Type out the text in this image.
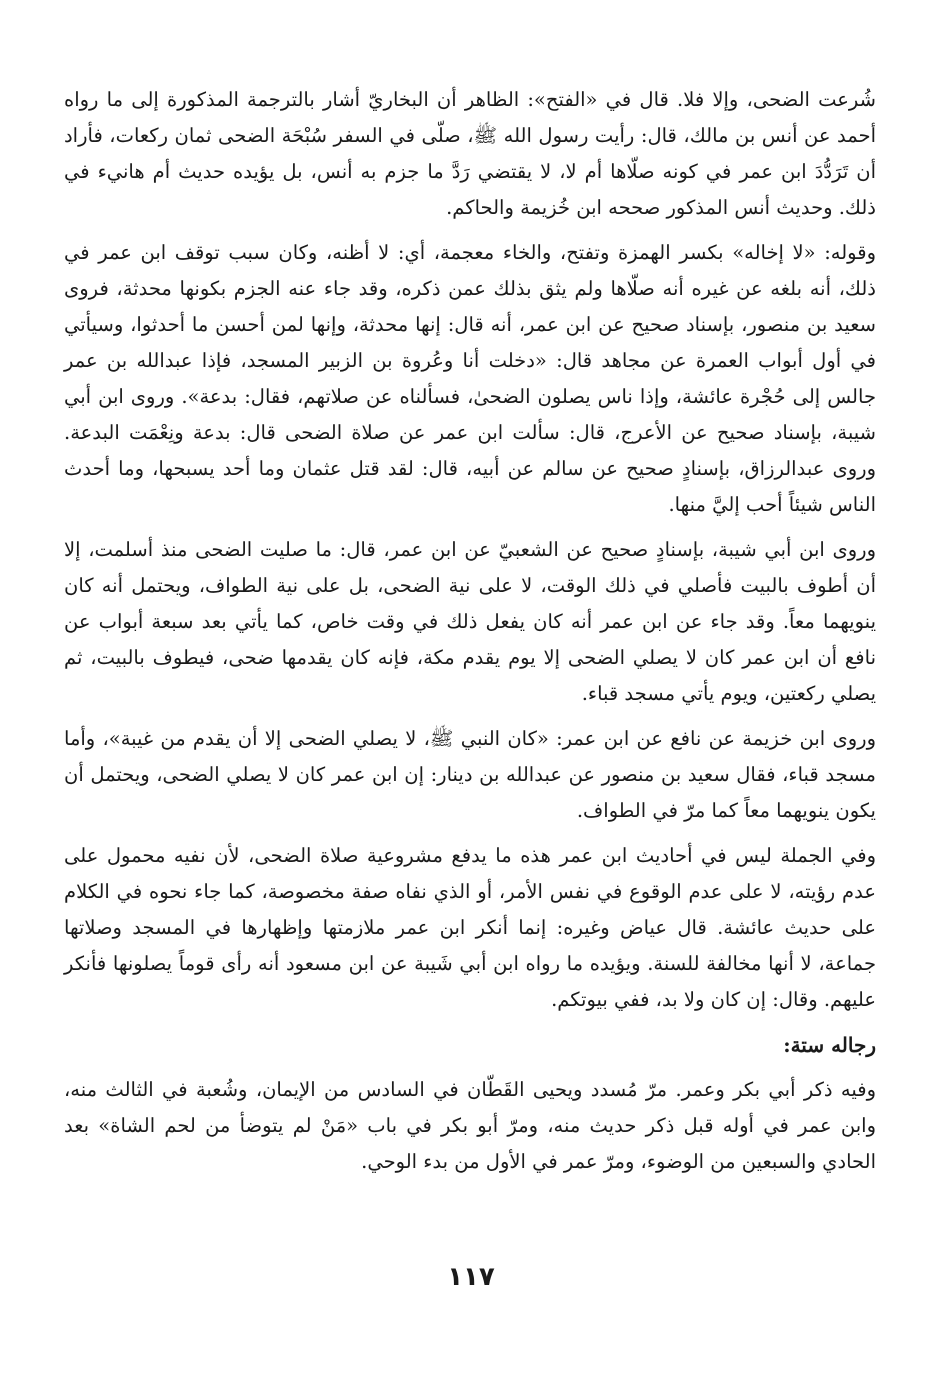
شُرعت الضحى، وإلا فلا. قال في «الفتح»: الظاهر أن البخاريّ أشار بالترجمة المذكورة إلى ما رواه أحمد عن أنس بن مالك، قال: رأيت رسول الله ﷺ، صلّى في السفر سُبْحَة الضحى ثمان ركعات، فأراد أن تَرَدُّدَ ابن عمر في كونه صلّاها أم لا، لا يقتضي رَدَّ ما جزم به أنس، بل يؤيده حديث أم هانيء في ذلك. وحديث أنس المذكور صححه ابن خُزيمة والحاكم.

وقوله: «لا إخاله» بكسر الهمزة وتفتح، والخاء معجمة، أي: لا أظنه، وكان سبب توقف ابن عمر في ذلك، أنه بلغه عن غيره أنه صلّاها ولم يثق بذلك عمن ذكره، وقد جاء عنه الجزم بكونها محدثة، فروى سعيد بن منصور، بإسناد صحيح عن ابن عمر، أنه قال: إنها محدثة، وإنها لمن أحسن ما أحدثوا، وسيأتي في أول أبواب العمرة عن مجاهد قال: «دخلت أنا وعُروة بن الزبير المسجد، فإذا عبدالله بن عمر جالس إلى حُجْرة عائشة، وإذا ناس يصلون الضحىٰ، فسألناه عن صلاتهم، فقال: بدعة». وروى ابن أبي شيبة، بإسناد صحيح عن الأعرج، قال: سألت ابن عمر عن صلاة الضحى قال: بدعة ونِعْمَت البدعة. وروى عبدالرزاق، بإسنادٍ صحيح عن سالم عن أبيه، قال: لقد قتل عثمان وما أحد يسبحها، وما أحدث الناس شيئاً أحب إليَّ منها.

وروى ابن أبي شيبة، بإسنادٍ صحيح عن الشعبيّ عن ابن عمر، قال: ما صليت الضحى منذ أسلمت، إلا أن أطوف بالبيت فأصلي في ذلك الوقت، لا على نية الضحى، بل على نية الطواف، ويحتمل أنه كان ينويهما معاً. وقد جاء عن ابن عمر أنه كان يفعل ذلك في وقت خاص، كما يأتي بعد سبعة أبواب عن نافع أن ابن عمر كان لا يصلي الضحى إلا يوم يقدم مكة، فإنه كان يقدمها ضحى، فيطوف بالبيت، ثم يصلي ركعتين، ويوم يأتي مسجد قباء.

وروى ابن خزيمة عن نافع عن ابن عمر: «كان النبي ﷺ، لا يصلي الضحى إلا أن يقدم من غيبة»، وأما مسجد قباء، فقال سعيد بن منصور عن عبدالله بن دينار: إن ابن عمر كان لا يصلي الضحى، ويحتمل أن يكون ينويهما معاً كما مرّ في الطواف.

وفي الجملة ليس في أحاديث ابن عمر هذه ما يدفع مشروعية صلاة الضحى، لأن نفيه محمول على عدم رؤيته، لا على عدم الوقوع في نفس الأمر، أو الذي نفاه صفة مخصوصة، كما جاء نحوه في الكلام على حديث عائشة. قال عياض وغيره: إنما أنكر ابن عمر ملازمتها وإظهارها في المسجد وصلاتها جماعة، لا أنها مخالفة للسنة. ويؤيده ما رواه ابن أبي شَيبة عن ابن مسعود أنه رأى قوماً يصلونها فأنكر عليهم. وقال: إن كان ولا بد، ففي بيوتكم.

رجاله ستة:

وفيه ذكر أبي بكر وعمر. مرّ مُسدد ويحيى القَطّان في السادس من الإيمان، وشُعبة في الثالث منه، وابن عمر في أوله قبل ذكر حديث منه، ومرّ أبو بكر في باب «مَنْ لم يتوضأ من لحم الشاة» بعد الحادي والسبعين من الوضوء، ومرّ عمر في الأول من بدء الوحي.

١١٧
